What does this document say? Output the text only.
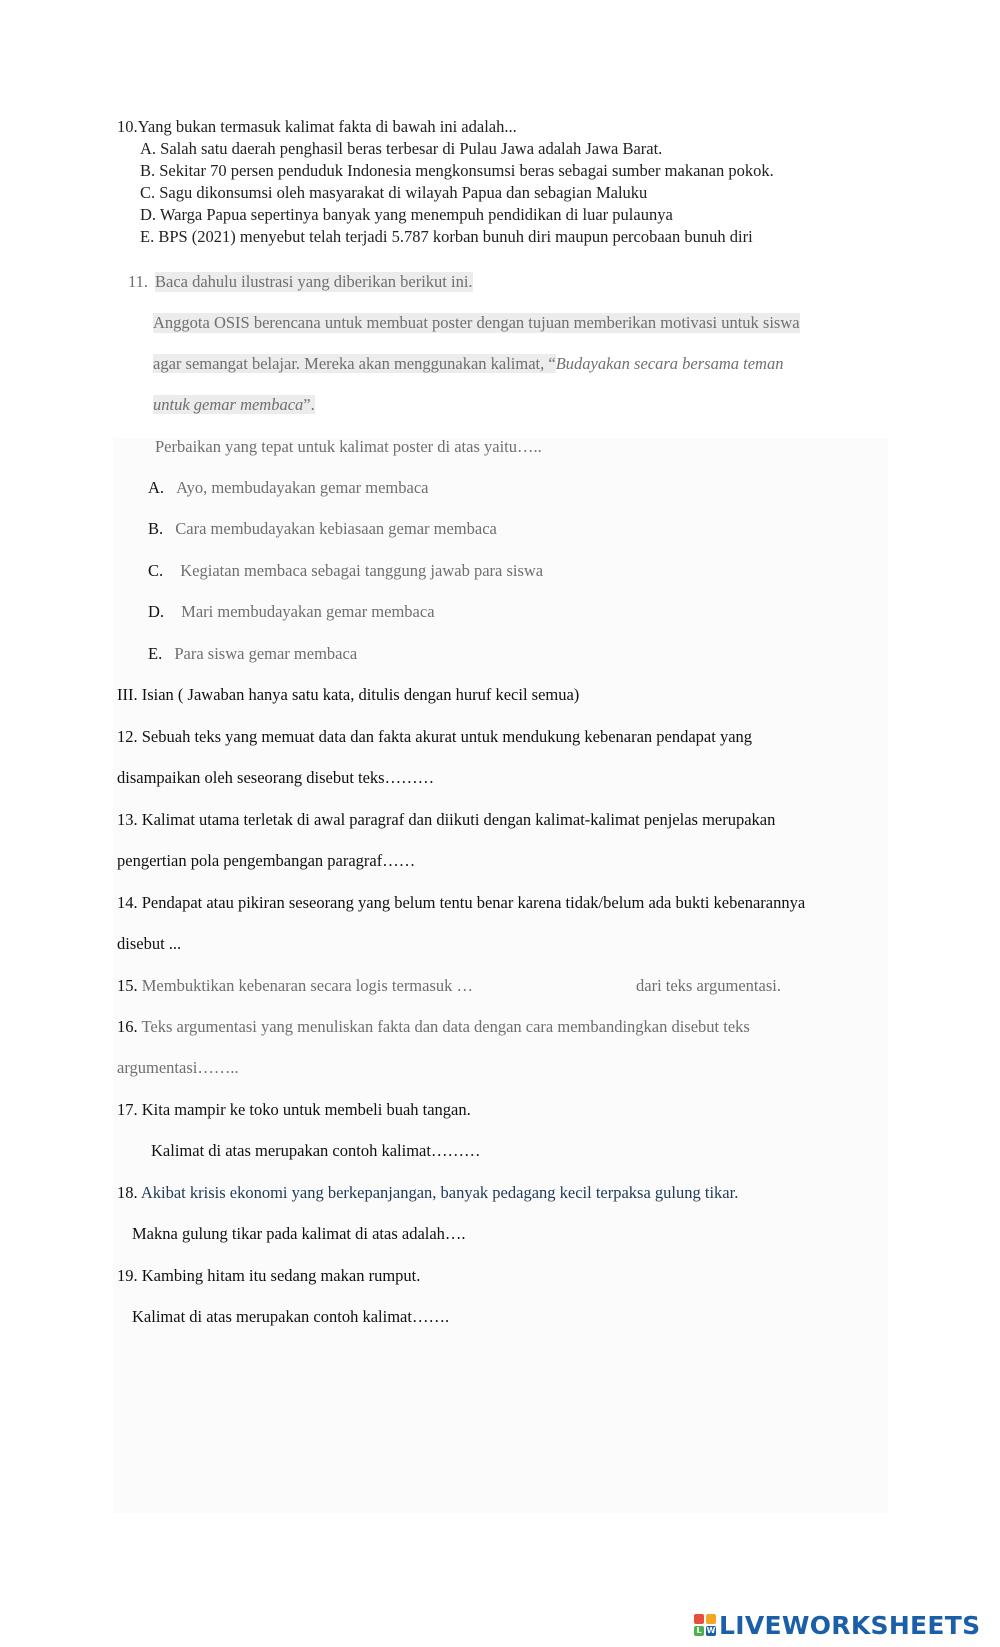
10.Yang bukan termasuk kalimat fakta di bawah ini adalah...
A. Salah satu daerah penghasil beras terbesar di Pulau Jawa adalah Jawa Barat.
B. Sekitar 70 persen penduduk Indonesia mengkonsumsi beras sebagai sumber makanan pokok.
C. Sagu dikonsumsi oleh masyarakat di wilayah Papua dan sebagian Maluku
D. Warga Papua sepertinya banyak yang menempuh pendidikan di luar pulaunya
E. BPS (2021) menyebut telah terjadi 5.787 korban bunuh diri maupun percobaan bunuh diri
11. Baca dahulu ilustrasi yang diberikan berikut ini.
Anggota OSIS berencana untuk membuat poster dengan tujuan memberikan motivasi untuk siswa
agar semangat belajar. Mereka akan menggunakan kalimat, “Budayakan secara bersama teman
untuk gemar membaca”.
Perbaikan yang tepat untuk kalimat poster di atas yaitu…..
A. Ayo, membudayakan gemar membaca
B. Cara membudayakan kebiasaan gemar membaca
C. Kegiatan membaca sebagai tanggung jawab para siswa
D. Mari membudayakan gemar membaca
E. Para siswa gemar membaca
III. Isian ( Jawaban hanya satu kata, ditulis dengan huruf kecil semua)
12. Sebuah teks yang memuat data dan fakta akurat untuk mendukung kebenaran pendapat yang
disampaikan oleh seseorang disebut teks………
13. Kalimat utama terletak di awal paragraf dan diikuti dengan kalimat-kalimat penjelas merupakan
pengertian pola pengembangan paragraf……
14. Pendapat atau pikiran seseorang yang belum tentu benar karena tidak/belum ada bukti kebenarannya
disebut ...
15. Membuktikan kebenaran secara logis termasuk …	dari teks argumentasi.
16. Teks argumentasi yang menuliskan fakta dan data dengan cara membandingkan disebut teks
argumentasi……..
17. Kita mampir ke toko untuk membeli buah tangan.
Kalimat di atas merupakan contoh kalimat………
18. Akibat krisis ekonomi yang berkepanjangan, banyak pedagang kecil terpaksa gulung tikar.
Makna gulung tikar pada kalimat di atas adalah….
19. Kambing hitam itu sedang makan rumput.
Kalimat di atas merupakan contoh kalimat…….
L W LIVEWORKSHEETS
